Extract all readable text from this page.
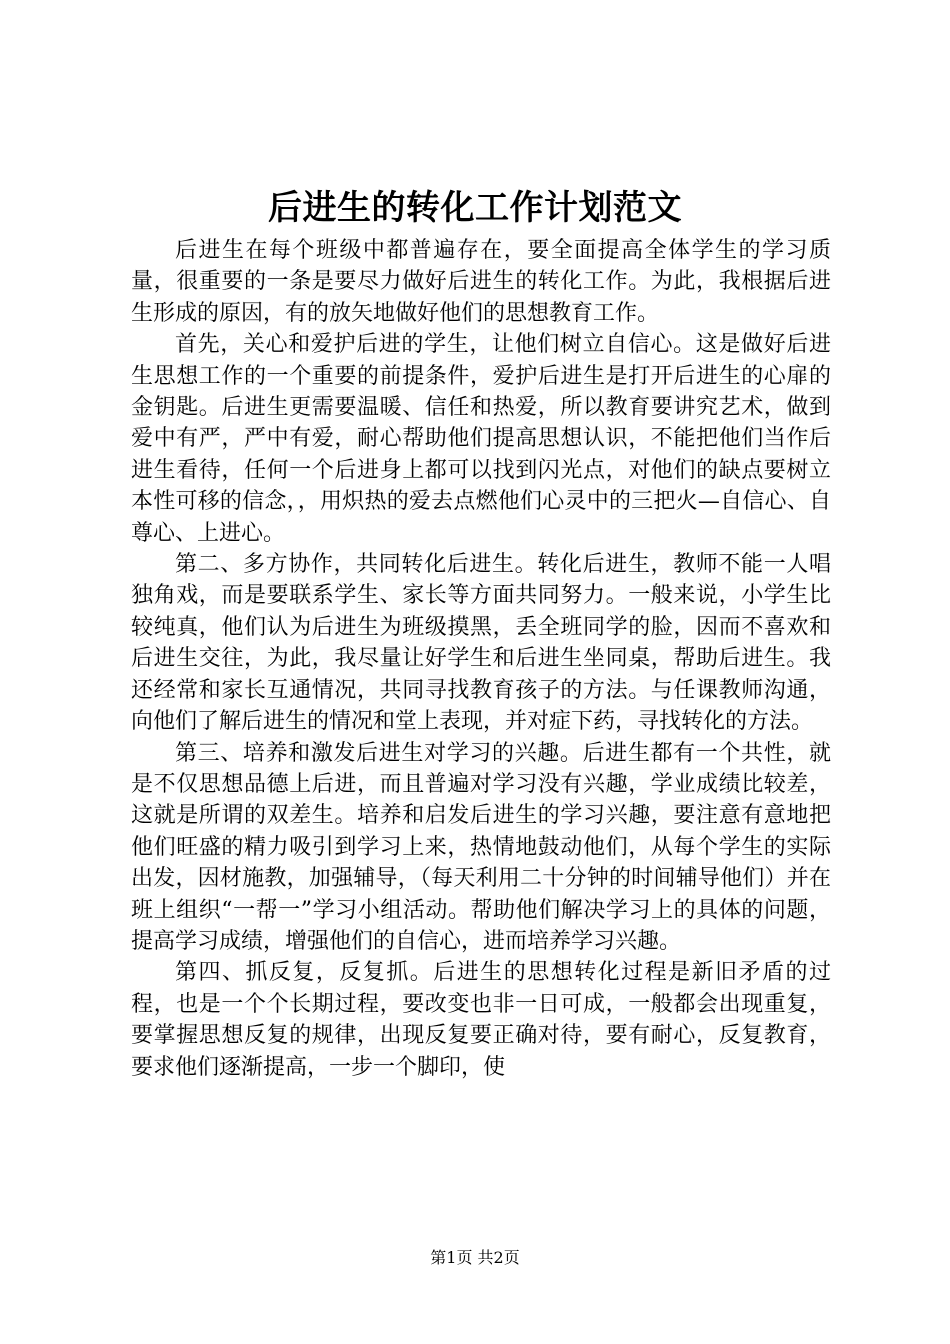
后进生的转化工作计划范文

后进生在每个班级中都普遍存在，要全面提高全体学生的学习质量，很重要的一条是要尽力做好后进生的转化工作。为此，我根据后进生形成的原因，有的放矢地做好他们的思想教育工作。

首先，关心和爱护后进的学生，让他们树立自信心。这是做好后进生思想工作的一个重要的前提条件，爱护后进生是打开后进生的心扉的金钥匙。后进生更需要温暖、信任和热爱，所以教育要讲究艺术，做到爱中有严，严中有爱，耐心帮助他们提高思想认识，不能把他们当作后进生看待，任何一个后进身上都可以找到闪光点，对他们的缺点要树立本性可移的信念，，用炽热的爱去点燃他们心灵中的三把火—自信心、自尊心、上进心。

第二、多方协作，共同转化后进生。转化后进生，教师不能一人唱独角戏，而是要联系学生、家长等方面共同努力。一般来说，小学生比较纯真，他们认为后进生为班级摸黑，丢全班同学的脸，因而不喜欢和后进生交往，为此，我尽量让好学生和后进生坐同桌，帮助后进生。我还经常和家长互通情况，共同寻找教育孩子的方法。与任课教师沟通，向他们了解后进生的情况和堂上表现，并对症下药，寻找转化的方法。

第三、培养和激发后进生对学习的兴趣。后进生都有一个共性，就是不仅思想品德上后进，而且普遍对学习没有兴趣，学业成绩比较差，这就是所谓的双差生。培养和启发后进生的学习兴趣，要注意有意地把他们旺盛的精力吸引到学习上来，热情地鼓动他们，从每个学生的实际出发，因材施教，加强辅导，（每天利用二十分钟的时间辅导他们）并在班上组织“一帮一”学习小组活动。帮助他们解决学习上的具体的问题，提高学习成绩，增强他们的自信心，进而培养学习兴趣。

第四、抓反复，反复抓。后进生的思想转化过程是新旧矛盾的过程，也是一个个长期过程，要改变也非一日可成，一般都会出现重复，要掌握思想反复的规律，出现反复要正确对待，要有耐心，反复教育，要求他们逐渐提高，一步一个脚印，使

第1页 共2页
